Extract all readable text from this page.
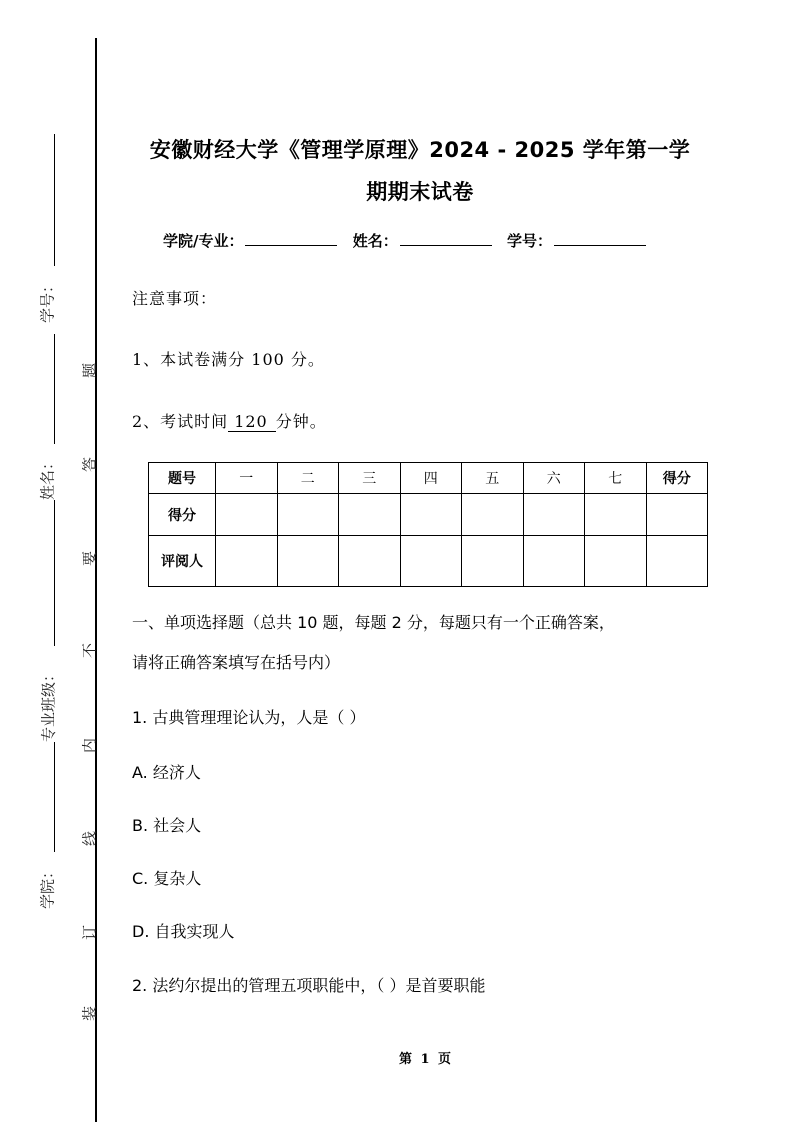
学号：
姓名：
专业班级：
学院：
题
答
要
不
内
线
订
装
安徽财经大学《管理学原理》2024 - 2025 学年第一学
期期末试卷
学院/专业：	姓名：	学号：
注意事项：
1、本试卷满分 100 分。
2、考试时间 120 分钟。
题号	一	二	三	四	五	六	七	得分
得分								
评阅人								
一、单项选择题（总共 10 题，每题 2 分，每题只有一个正确答案，
请将正确答案填写在括号内）
1. 古典管理理论认为，人是（ ）
A. 经济人
B. 社会人
C. 复杂人
D. 自我实现人
2. 法约尔提出的管理五项职能中，（ ）是首要职能
第 1 页
